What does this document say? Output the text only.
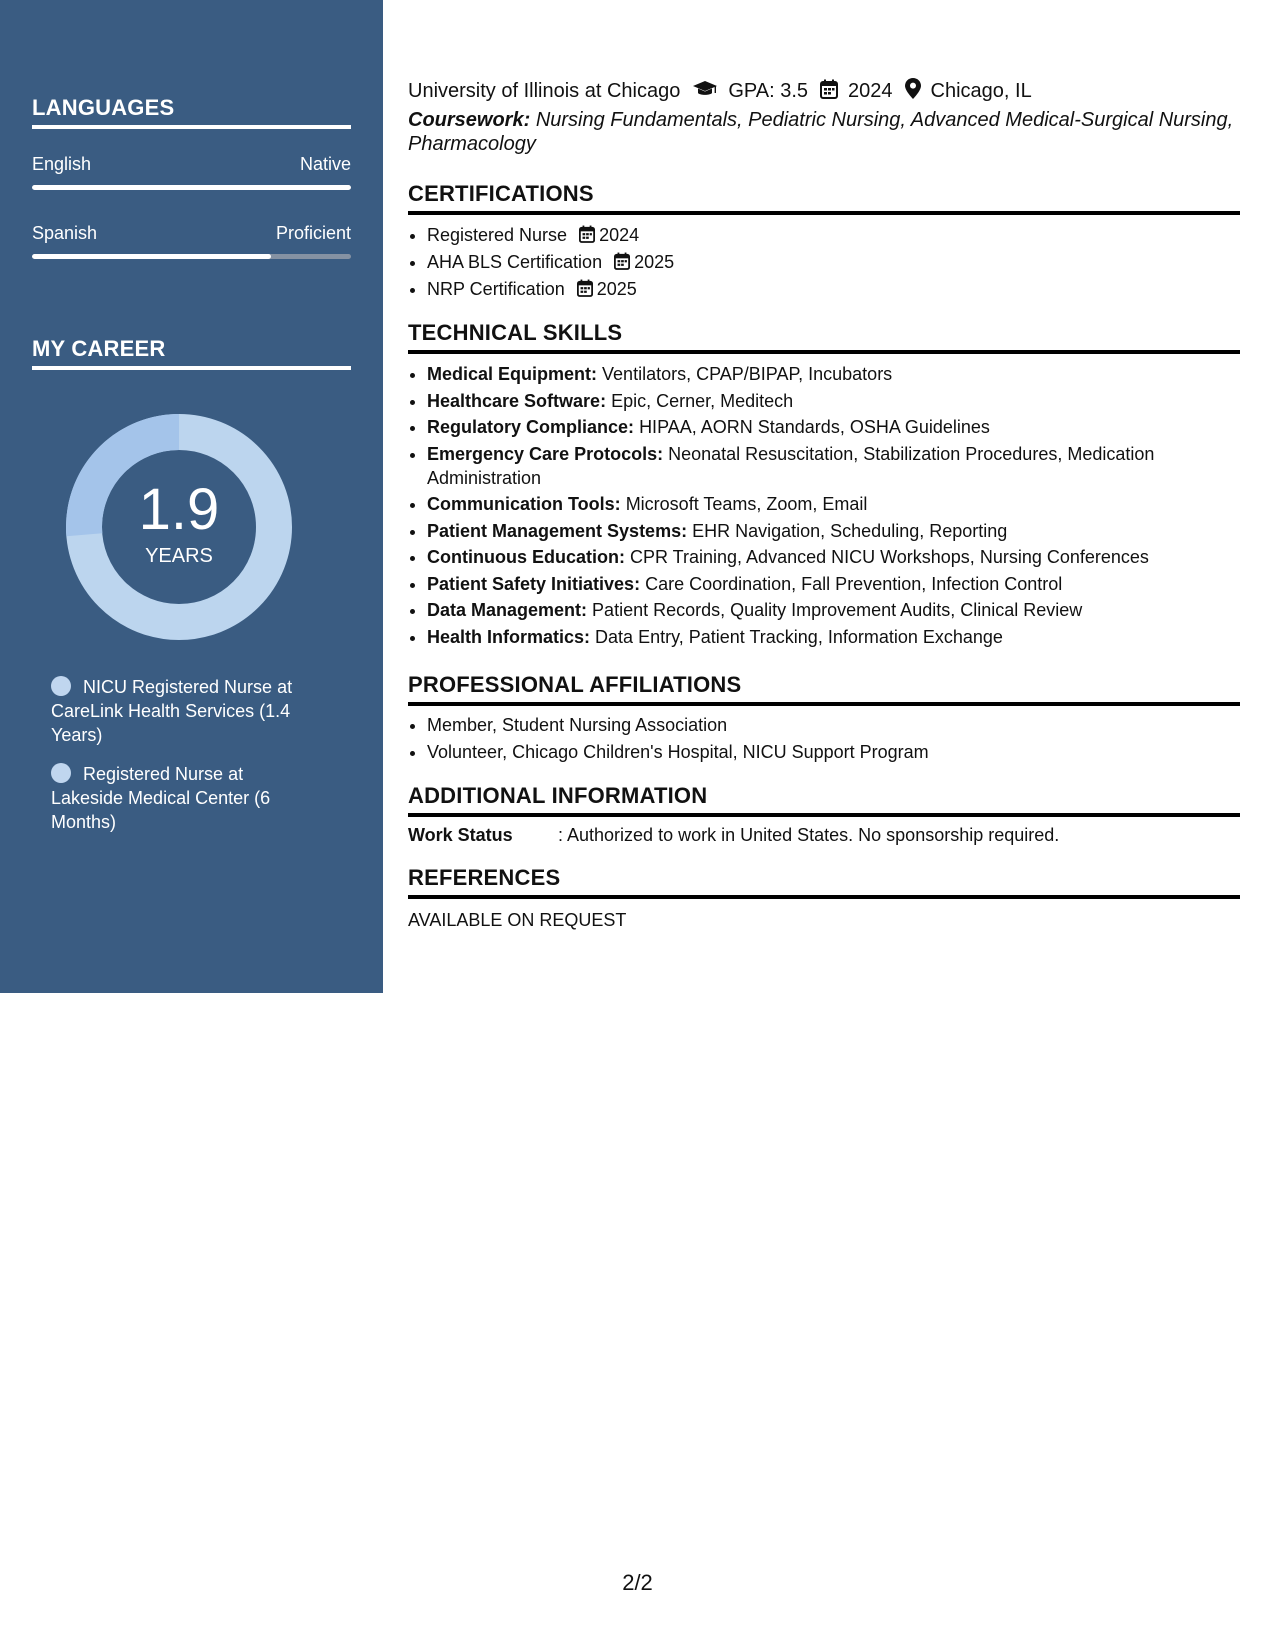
LANGUAGES
English	Native
Spanish	Proficient
MY CAREER
1.9
YEARS
NICU Registered Nurse at CareLink Health Services (1.4 Years)
Registered Nurse at Lakeside Medical Center (6 Months)
University of Illinois at Chicago GPA: 3.5 2024 Chicago, IL
Coursework: Nursing Fundamentals, Pediatric Nursing, Advanced Medical-Surgical Nursing, Pharmacology
CERTIFICATIONS
• Registered Nurse 2024
• AHA BLS Certification 2025
• NRP Certification 2025
TECHNICAL SKILLS
• Medical Equipment: Ventilators, CPAP/BIPAP, Incubators
• Healthcare Software: Epic, Cerner, Meditech
• Regulatory Compliance: HIPAA, AORN Standards, OSHA Guidelines
• Emergency Care Protocols: Neonatal Resuscitation, Stabilization Procedures, Medication Administration
• Communication Tools: Microsoft Teams, Zoom, Email
• Patient Management Systems: EHR Navigation, Scheduling, Reporting
• Continuous Education: CPR Training, Advanced NICU Workshops, Nursing Conferences
• Patient Safety Initiatives: Care Coordination, Fall Prevention, Infection Control
• Data Management: Patient Records, Quality Improvement Audits, Clinical Review
• Health Informatics: Data Entry, Patient Tracking, Information Exchange
PROFESSIONAL AFFILIATIONS
• Member, Student Nursing Association
• Volunteer, Chicago Children's Hospital, NICU Support Program
ADDITIONAL INFORMATION
Work Status	: Authorized to work in United States. No sponsorship required.
REFERENCES
AVAILABLE ON REQUEST
2/2
